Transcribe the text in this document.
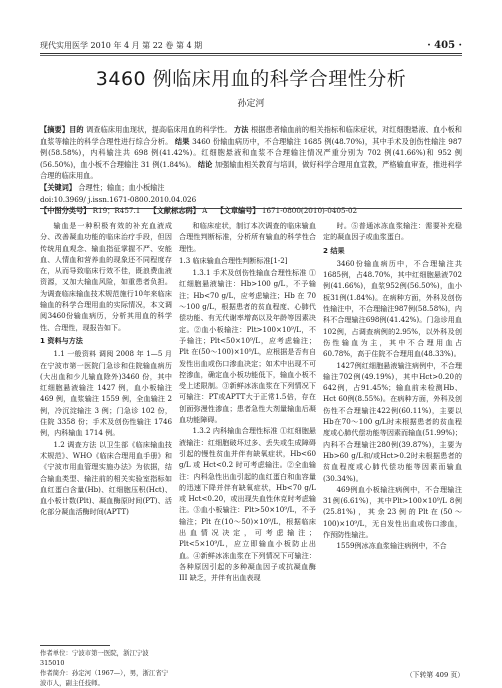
现代实用医学 2010 年 4 月 第 22 卷 第 4 期	· 405 ·
3460 例临床用血的科学合理性分析
孙定河

【摘要】目的 调查临床用血现状，提高临床用血的科学性。 方法 根据患者输血前的相关指标和临床症状，对红细胞悬液、血小板和血浆等输注的科学合理性进行综合分析。 结果 3460 份输血病历中，不合理输注 1685 例(48.70%)，其中手术及创伤性输注 987 例(58.58%)，内科输注共 698 例(41.42%)。红细胞悬液和血浆不合理输注情况严重分别为 702 例(41.66%)和 952 例(56.50%)，血小板不合理输注 31 例(1.84%)。 结论 加强输血相关教育与培训，做好科学合理用血宣教，严格输血审查，推进科学合理的临床用血。

【关键词】 合理性；输血；血小板输注

doi:10.3969/ j.issn.1671-0800.2010.04.026

【中图分类号】 R19；R457.1 【文献标志码】 A 【文章编号】 1671-0800(2010)-0405-02

输血是一种积极有效的补充血液成分、改善凝血功能的临床治疗手段，但因传统用血观念、输血指征掌握不严、安能血、人情血和营养血的现象还不同程度存在，从而导致临床行效不佳，既浪费血液资源，又加大输血风险，如重患者负担。为调查临床输血技术规范施行10年来临床输血的科学合理用血的实际情况，本文调阅3460份输血病历，分析其用血的科学性、合理性，现报告如下。

1 资料与方法

1.1 一般资料 调阅 2008 年 1—5 月在宁波市第一医院门急诊和住院输血病历(大出血和少儿输血除外)3460 份，其中红细胞悬液输注 1427 例，血小板输注 469 例，血浆输注 1559 例，全血输注 2 例，冷沉淀输注 3 例；门急诊 102 份，住院 3358 份；手术及创伤性输注 1746 例，内科输血 1714 例。

1.2 调查方法 以卫生部《临床输血技术规范》、WHO《临床合理用血手册》和《宁波市用血管理实施办法》为依据，结合输血类型、输注前的相关实验室指标如血红蛋白含量(Hb)、红细胞压积(Hct)、血小板计数(Plt)、凝血酶原时间(PT)、活化部分凝血活酶时间(APTT)

和临床症状，制订本次调查的临床输血合理性判断标准，分析所有输血的科学性合理性。

1.3 临床输血合理性判断标准[1-2]

1.3.1 手术及创伤性输血合理性标准 ①红细胞悬液输注：Hb>100 g/L，不予输注；Hb<70 g/L，应考虑输注；Hb 在 70～100 g/L，根据患者的贫血程度、心肺代偿功能、有无代谢率增高以及年龄等因素决定。②血小板输注：Plt>100×10⁹/L，不予输注；Plt<50×10⁹/L，应考虑输注；Plt 在(50～100)×10⁹/L，应根据是否有自发性出血或伤口渗血决定；如术中出现不可控渗血，确定血小板功能低下，输血小板不受上述限制。③新鲜冰冻血浆在下列情况下可输注：PT或APTT大于正常1.5倍，存在创面弥漫性渗血；患者急性大剂量输血后凝血功能障碍。

1.3.2 内科输血合理性标准 ①红细胞悬液输注：红细胞破坏过多、丢失或生成障碍引起的慢性贫血并伴有缺氧症状，Hb<60 g/L 或 Hct<0.2 时可考虑输注。②全血输注：内科急性出血引起的血红蛋白和血容量的迅速下降并伴有缺氧症状，Hb<70 g/L 或 Hct<0.20，或出现失血性休克时考虑输注。③血小板输注：Plt>50×10⁹/L，不予输注；Plt 在(10～50)×10⁹/L，根据临床出血情况决定，可考虑输注；Plt<5×10⁹/L，应立即输血小板防止出血。④新鲜冰冻血浆在下列情况下可输注：各种原因引起的多种凝血因子或抗凝血酶 III 缺乏，并伴有出血表现

时。⑤普通冰冻血浆输注：需要补充稳定的凝血因子或血浆蛋白。

2 结果

3460份输血病历中，不合理输注共1685例，占48.70%，其中红细胞悬液702例(41.66%)，血浆952例(56.50%)，血小板31例(1.84%)。在病种方面，外科及创伤性输注中，不合理输注987例(58.58%)，内科不合理输注698例(41.42%)。门急诊用血102例，占调查病例的2.95%，以外科及创伤性输血为主，其中不合理用血占60.78%，高于住院不合理用血(48.33%)。

1427例红细胞悬液输注病例中，不合理输注702例(49.19%)，其中Hct>0.20的642例，占91.45%；输血前未检测Hb、Hct 60例(8.55%)。在病种方面，外科及创伤性不合理输注422例(60.11%)，主要以Hb在70～100 g/L时未根据患者的贫血程度或心肺代偿功能等因素而输血(51.99%)；内科不合理输注280例(39.87%)，主要为Hb>60 g/L和/或Hct>0.2时未根据患者的贫血程度或心肺代偿功能等因素而输血(30.34%)。

469例血小板输注病例中，不合理输注31例(6.61%)，其中Plt>100×10⁹/L 8例(25.81%)，其余23例的Plt在(50～100)×10⁹/L，无自发性出血或伤口渗血，作预防性输注。

1559例冰冻血浆输注病例中，不合

作者单位：宁波市第一医院，浙江宁波 315010
作者简介：孙定河（1967—），男，浙江省宁波市人，副主任技师。
（下转第 409 页）
